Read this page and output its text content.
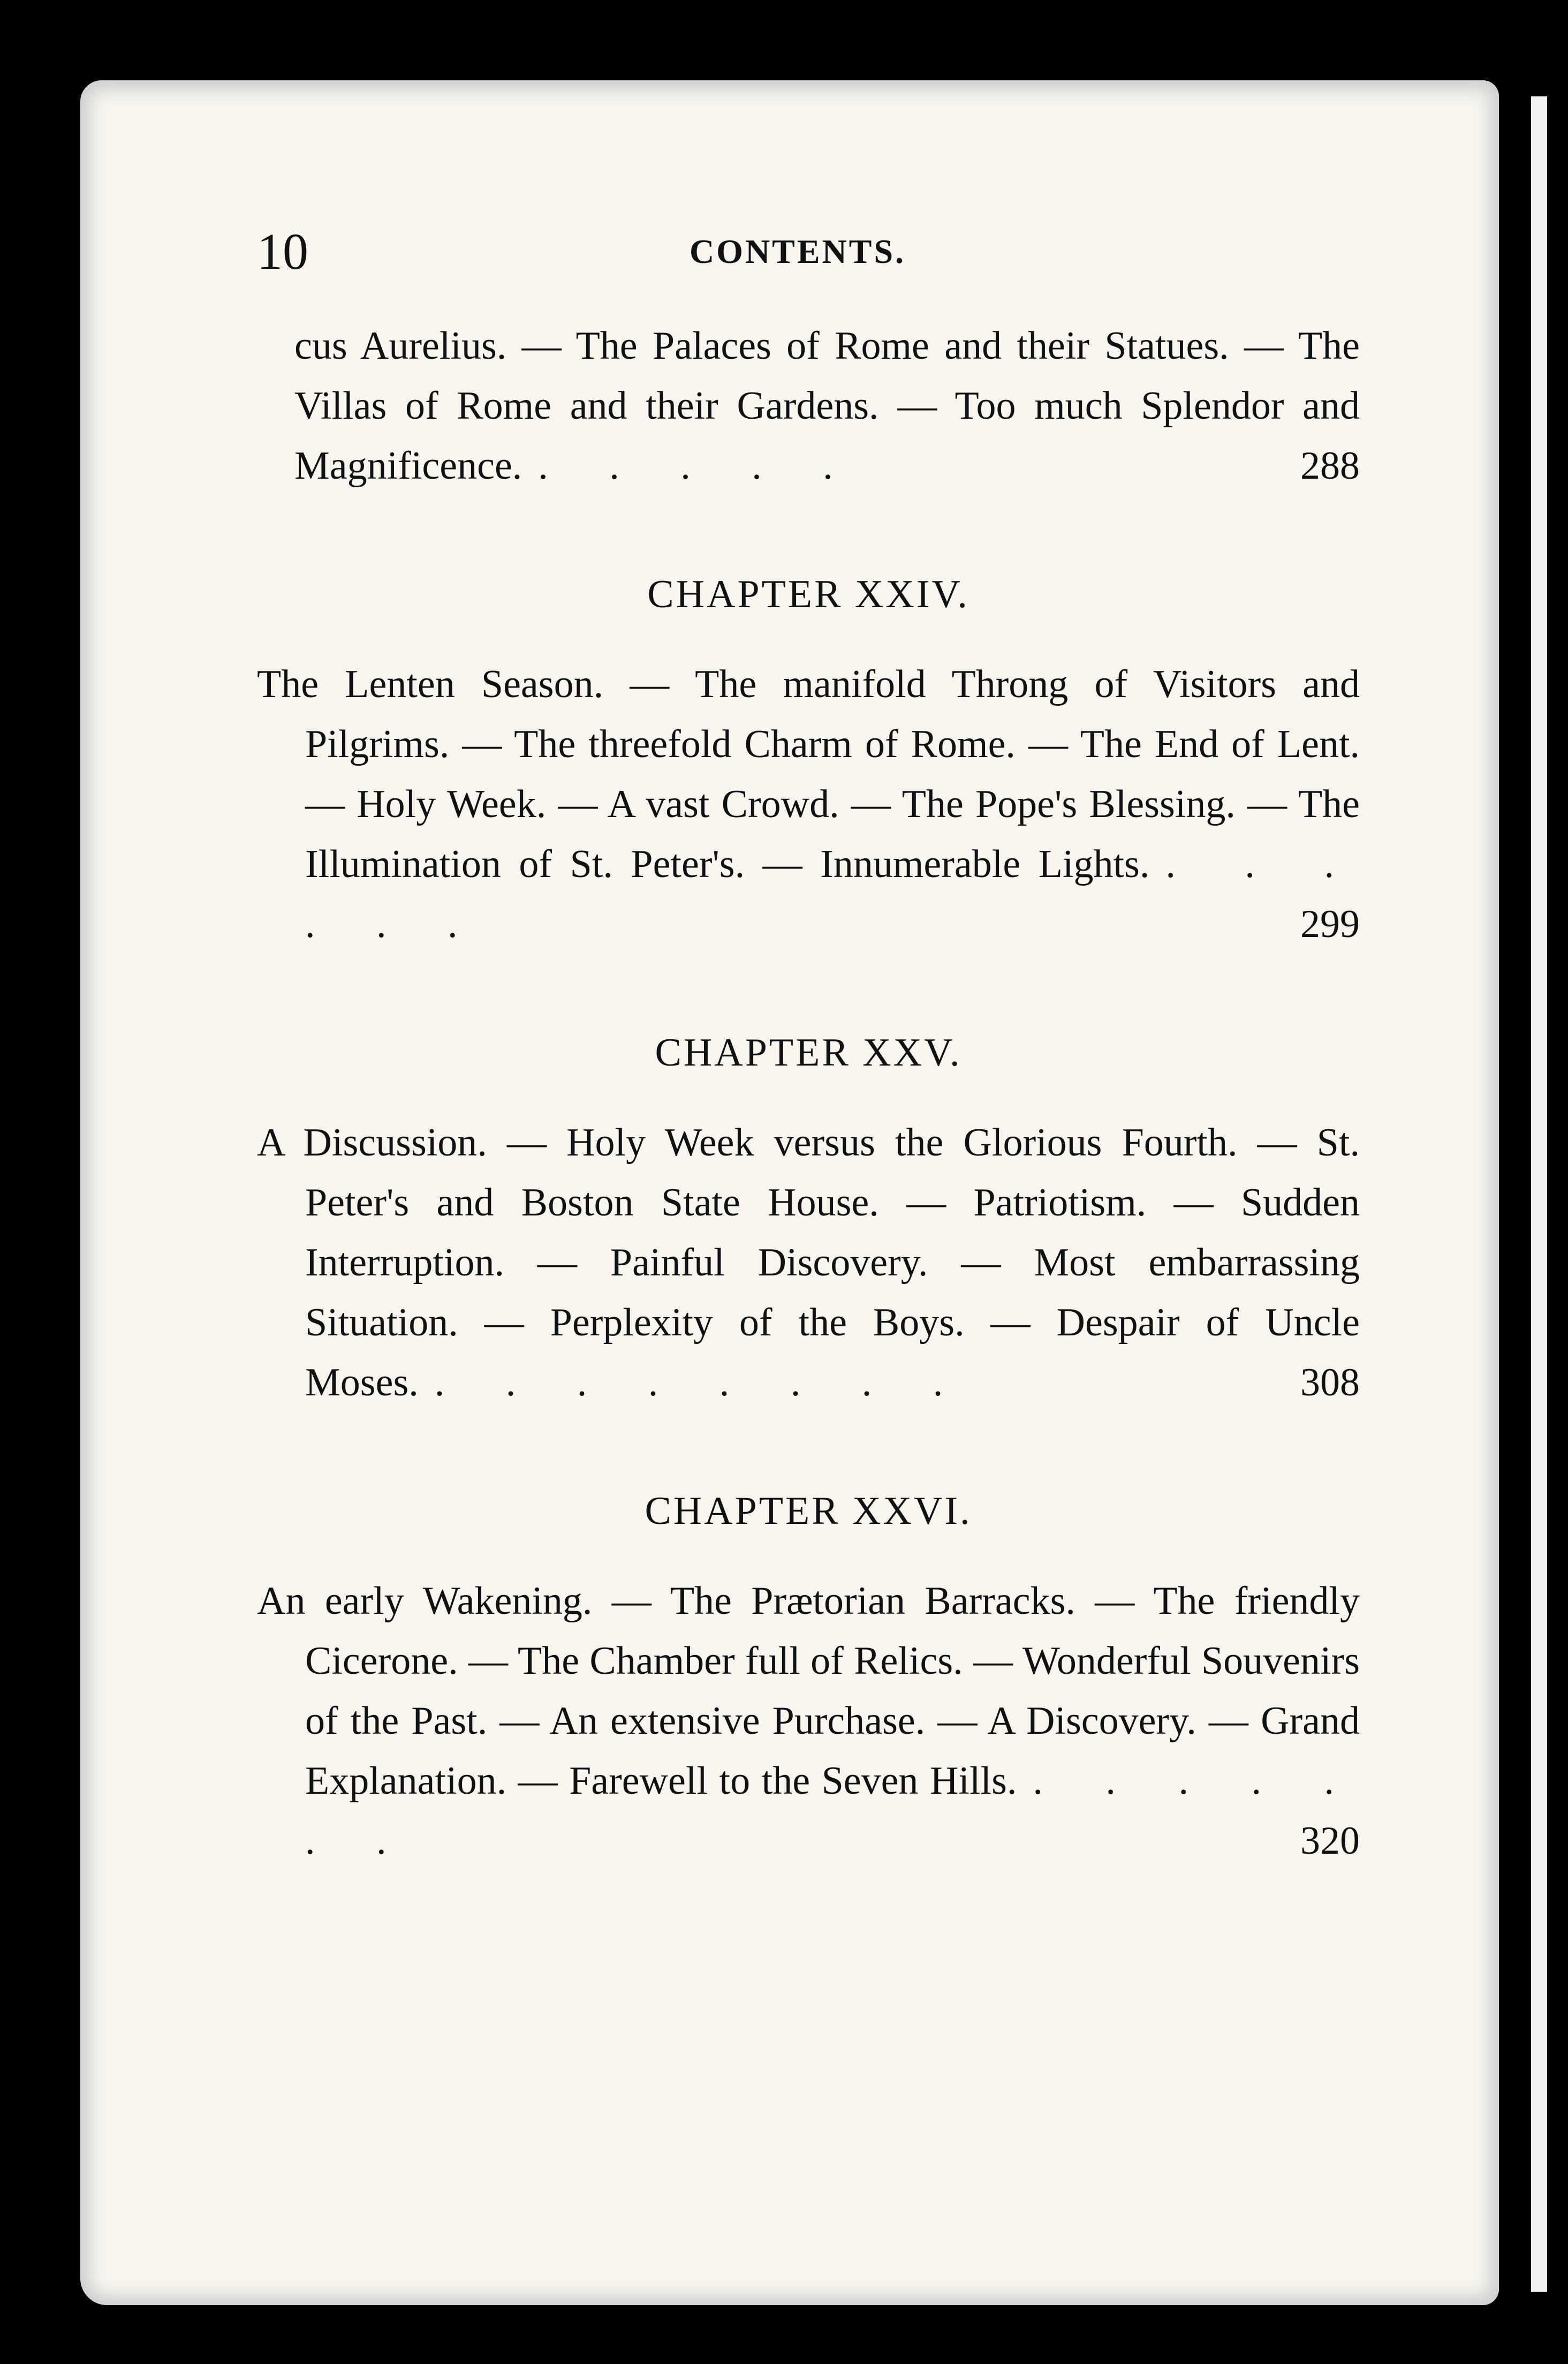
10	CONTENTS.

cus Aurelius. — The Palaces of Rome and their Statues. — The Villas of Rome and their Gardens. — Too much Splendor and Magnificence. . . . . .	288
CHAPTER XXIV.

The Lenten Season. — The manifold Throng of Visitors and Pilgrims. — The threefold Charm of Rome. — The End of Lent. — Holy Week. — A vast Crowd. — The Pope's Blessing. — The Illumination of St. Peter's. — Innumerable Lights. . . . . . .	299
CHAPTER XXV.

A Discussion. — Holy Week versus the Glorious Fourth. — St. Peter's and Boston State House. — Patriotism. — Sudden Interruption. — Painful Discovery. — Most embarrassing Situation. — Perplexity of the Boys. — Despair of Uncle Moses. . . . . . . . .	308
CHAPTER XXVI.

An early Wakening. — The Prætorian Barracks. — The friendly Cicerone. — The Chamber full of Relics. — Wonderful Souvenirs of the Past. — An extensive Purchase. — A Discovery. — Grand Explanation. — Farewell to the Seven Hills. . . . . . . .	320
